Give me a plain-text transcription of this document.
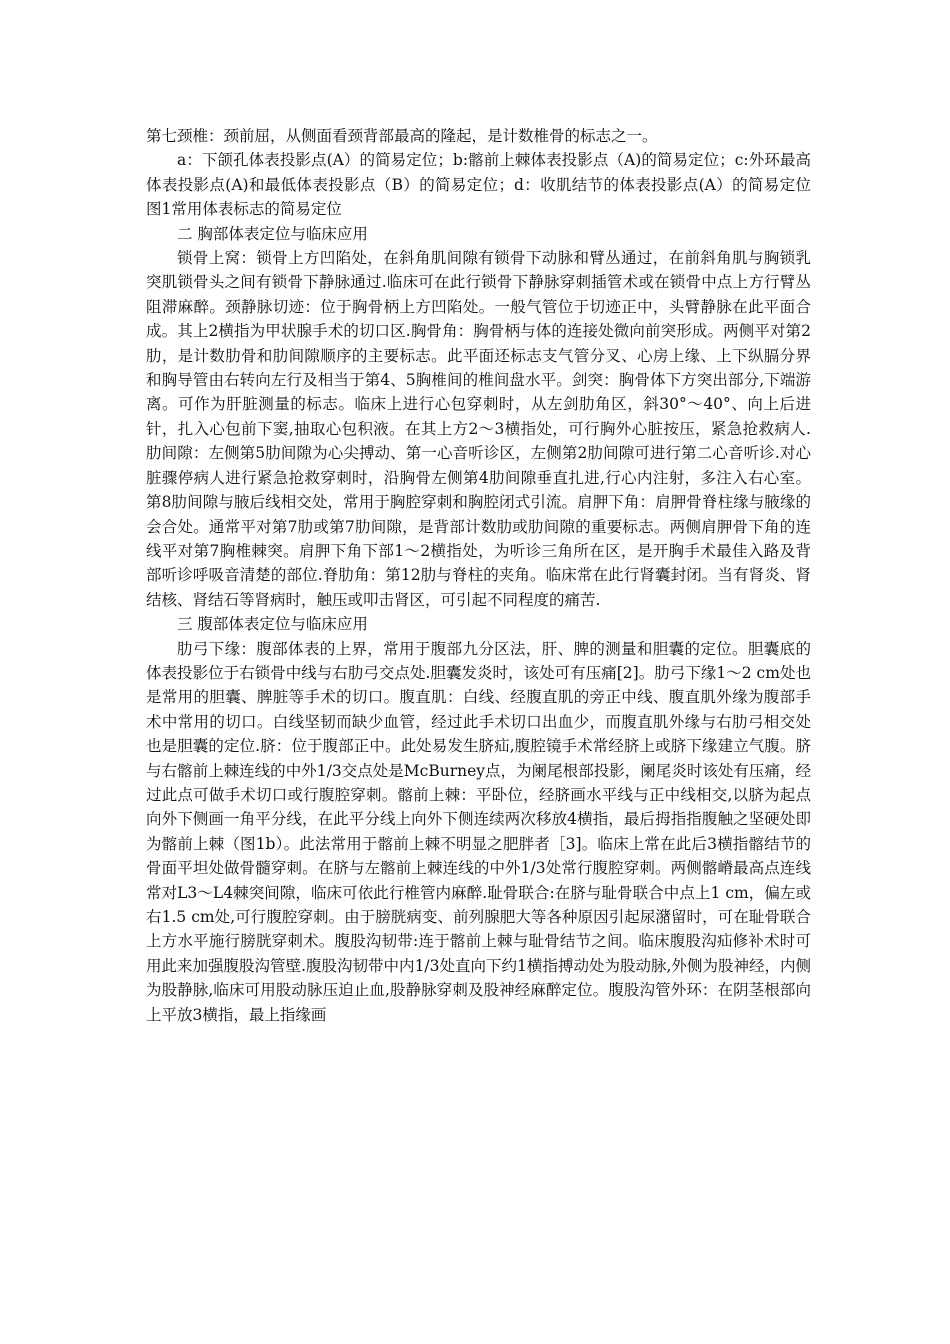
第七颈椎：颈前屈，从侧面看颈背部最高的隆起，是计数椎骨的标志之一。

a：下颌孔体表投影点(A）的简易定位；b:髂前上棘体表投影点（A)的简易定位；c:外环最高体表投影点(A)和最低体表投影点（B）的简易定位；d：收肌结节的体表投影点(A）的简易定位图1常用体表标志的简易定位

二 胸部体表定位与临床应用

锁骨上窝：锁骨上方凹陷处，在斜角肌间隙有锁骨下动脉和臂丛通过，在前斜角肌与胸锁乳突肌锁骨头之间有锁骨下静脉通过.临床可在此行锁骨下静脉穿刺插管术或在锁骨中点上方行臂丛阻滞麻醉。颈静脉切迹：位于胸骨柄上方凹陷处。一般气管位于切迹正中，头臂静脉在此平面合成。其上2横指为甲状腺手术的切口区.胸骨角：胸骨柄与体的连接处微向前突形成。两侧平对第2肋，是计数肋骨和肋间隙顺序的主要标志。此平面还标志支气管分叉、心房上缘、上下纵膈分界和胸导管由右转向左行及相当于第4、5胸椎间的椎间盘水平。剑突：胸骨体下方突出部分,下端游离。可作为肝脏测量的标志。临床上进行心包穿刺时，从左剑肋角区，斜30°～40°、向上后进针，扎入心包前下窦,抽取心包积液。在其上方2～3横指处，可行胸外心脏按压，紧急抢救病人.肋间隙：左侧第5肋间隙为心尖搏动、第一心音听诊区，左侧第2肋间隙可进行第二心音听诊.对心脏骤停病人进行紧急抢救穿刺时，沿胸骨左侧第4肋间隙垂直扎进,行心内注射，多注入右心室。第8肋间隙与腋后线相交处，常用于胸腔穿刺和胸腔闭式引流。肩胛下角：肩胛骨脊柱缘与腋缘的会合处。通常平对第7肋或第7肋间隙，是背部计数肋或肋间隙的重要标志。两侧肩胛骨下角的连线平对第7胸椎棘突。肩胛下角下部1～2横指处，为听诊三角所在区，是开胸手术最佳入路及背部听诊呼吸音清楚的部位.脊肋角：第12肋与脊柱的夹角。临床常在此行肾囊封闭。当有肾炎、肾结核、肾结石等肾病时，触压或叩击肾区，可引起不同程度的痛苦.

三 腹部体表定位与临床应用

肋弓下缘：腹部体表的上界，常用于腹部九分区法，肝、脾的测量和胆囊的定位。胆囊底的体表投影位于右锁骨中线与右肋弓交点处.胆囊发炎时，该处可有压痛[2]。肋弓下缘1～2 cm处也是常用的胆囊、脾脏等手术的切口。腹直肌：白线、经腹直肌的旁正中线、腹直肌外缘为腹部手术中常用的切口。白线坚韧而缺少血管，经过此手术切口出血少，而腹直肌外缘与右肋弓相交处也是胆囊的定位.脐：位于腹部正中。此处易发生脐疝,腹腔镜手术常经脐上或脐下缘建立气腹。脐与右髂前上棘连线的中外1/3交点处是McBurney点，为阑尾根部投影，阑尾炎时该处有压痛，经过此点可做手术切口或行腹腔穿刺。髂前上棘：平卧位，经脐画水平线与正中线相交,以脐为起点向外下侧画一角平分线，在此平分线上向外下侧连续两次移放4横指，最后拇指指腹触之坚硬处即为髂前上棘（图1b）。此法常用于髂前上棘不明显之肥胖者［3]。临床上常在此后3横指髂结节的骨面平坦处做骨髓穿刺。在脐与左髂前上棘连线的中外1/3处常行腹腔穿刺。两侧髂嵴最高点连线常对L3～L4棘突间隙，临床可依此行椎管内麻醉.耻骨联合:在脐与耻骨联合中点上1 cm，偏左或右1.5 cm处,可行腹腔穿刺。由于膀胱病变、前列腺肥大等各种原因引起尿潴留时，可在耻骨联合上方水平施行膀胱穿刺术。腹股沟韧带:连于髂前上棘与耻骨结节之间。临床腹股沟疝修补术时可用此来加强腹股沟管壁.腹股沟韧带中内1/3处直向下约1横指搏动处为股动脉,外侧为股神经，内侧为股静脉,临床可用股动脉压迫止血,股静脉穿刺及股神经麻醉定位。腹股沟管外环：在阴茎根部向上平放3横指，最上指缘画
